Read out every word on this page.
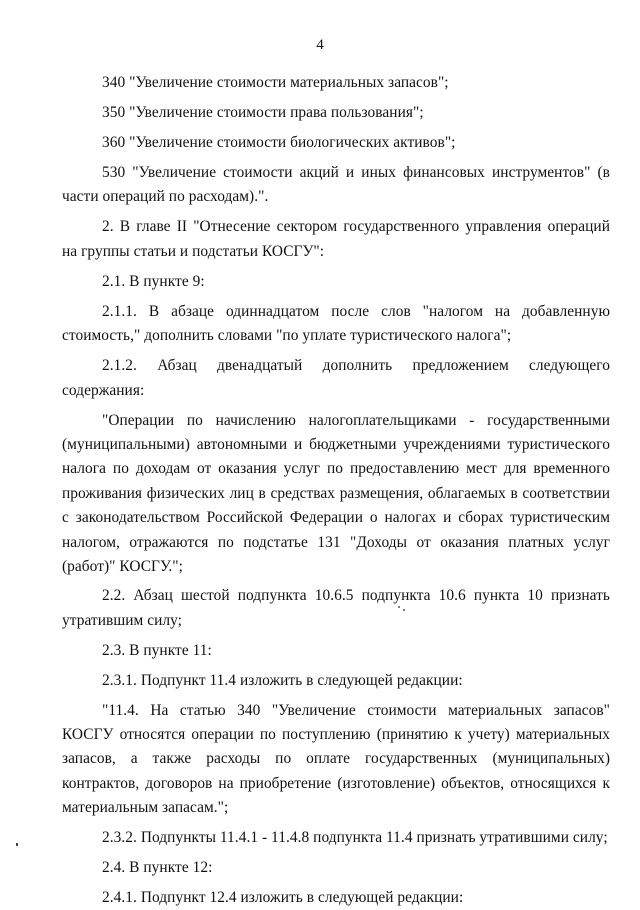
4

340 "Увеличение стоимости материальных запасов";

350 "Увеличение стоимости права пользования";

360 "Увеличение стоимости биологических активов";

530 "Увеличение стоимости акций и иных финансовых инструментов" (в части операций по расходам).".

2. В главе II "Отнесение сектором государственного управления операций на группы статьи и подстатьи КОСГУ":

2.1. В пункте 9:

2.1.1. В абзаце одиннадцатом после слов "налогом на добавленную стоимость," дополнить словами "по уплате туристического налога";

2.1.2. Абзац двенадцатый дополнить предложением следующего содержания:

"Операции по начислению налогоплательщиками - государственными (муниципальными) автономными и бюджетными учреждениями туристического налога по доходам от оказания услуг по предоставлению мест для временного проживания физических лиц в средствах размещения, облагаемых в соответствии с законодательством Российской Федерации о налогах и сборах туристическим налогом, отражаются по подстатье 131 "Доходы от оказания платных услуг (работ)" КОСГУ.";

2.2. Абзац шестой подпункта 10.6.5 подпункта 10.6 пункта 10 признать утратившим силу;

2.3. В пункте 11:

2.3.1. Подпункт 11.4 изложить в следующей редакции:

"11.4. На статью 340 "Увеличение стоимости материальных запасов" КОСГУ относятся операции по поступлению (принятию к учету) материальных запасов, а также расходы по оплате государственных (муниципальных) контрактов, договоров на приобретение (изготовление) объектов, относящихся к материальным запасам.";

2.3.2. Подпункты 11.4.1 - 11.4.8 подпункта 11.4 признать утратившими силу;

2.4. В пункте 12:

2.4.1. Подпункт 12.4 изложить в следующей редакции:
